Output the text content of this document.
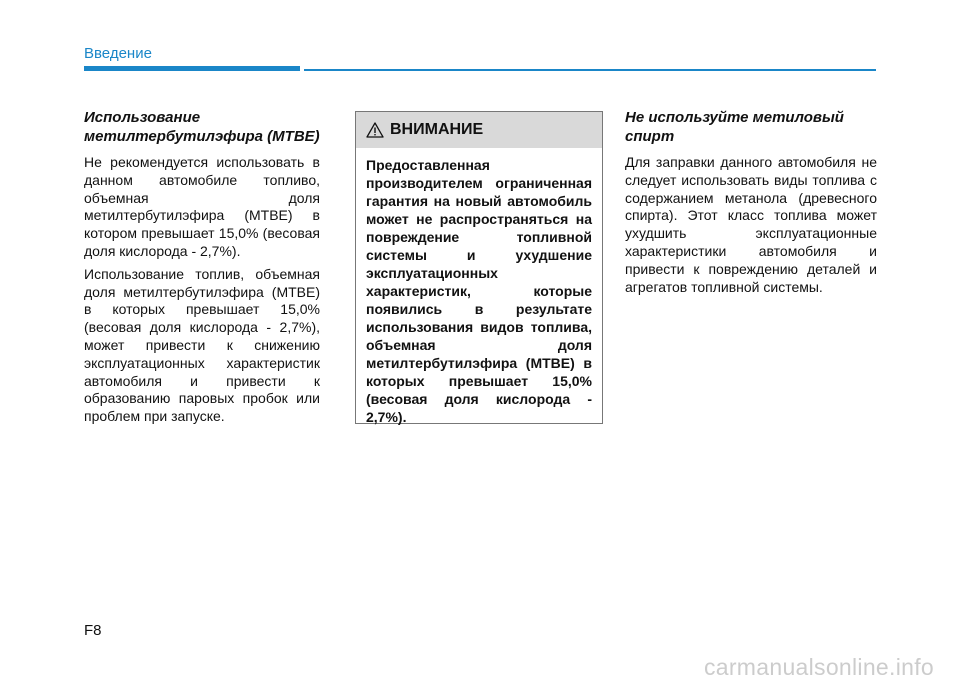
Введение
Использование метилтербутилэфира (МТВЕ)

Не рекомендуется использовать в данном автомобиле топливо, объемная доля метилтербутилэфира (МТВЕ) в котором превышает 15,0% (весовая доля кислорода - 2,7%).

Использование топлив, объемная доля метилтербутилэфира (МТВЕ) в которых превышает 15,0% (весовая доля кислорода - 2,7%), может привести к снижению эксплуатационных характеристик автомобиля и привести к образованию паровых пробок или проблем при запуске.

ВНИМАНИЕ
Предоставленная производителем ограниченная гарантия на новый автомобиль может не распространяться на повреждение топливной системы и ухудшение эксплуатационных характеристик, которые появились в результате использования видов топлива, объемная доля метилтербутилэфира (МТВЕ) в которых превышает 15,0% (весовая доля кислорода - 2,7%).
Не используйте метиловый спирт

Для заправки данного автомобиля не следует использовать виды топлива с содержанием метанола (древесного спирта). Этот класс топлива может ухудшить эксплуатационные характеристики автомобиля и привести к повреждению деталей и агрегатов топливной системы.

F8
carmanualsonline.info
